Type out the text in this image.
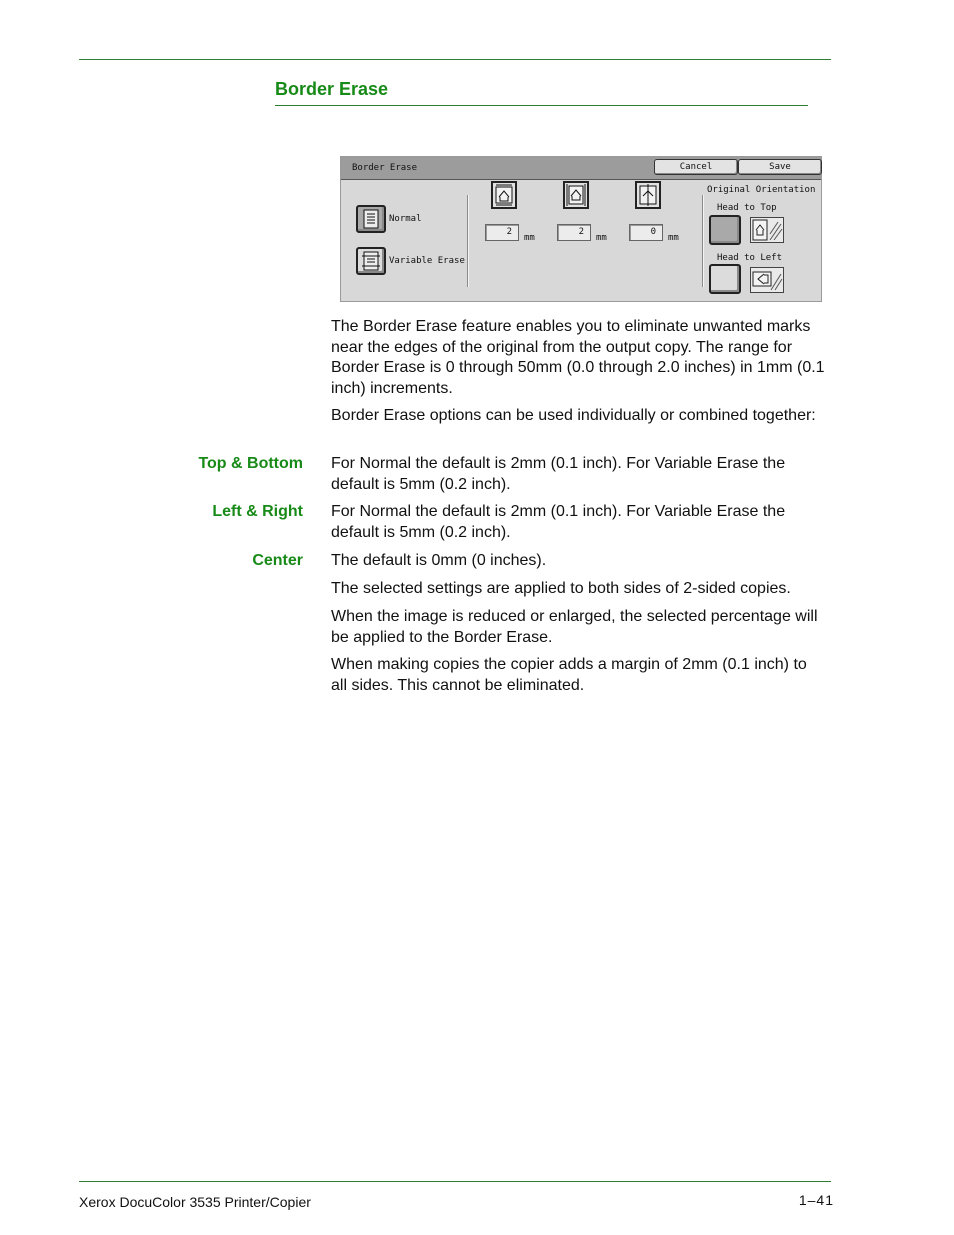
Border Erase
Border Erase	Cancel	Save
Normal
Variable Erase
2
mm
2
mm
0
mm
Original Orientation
Head to Top
Head to Left

The Border Erase feature enables you to eliminate unwanted marks near the edges of the original from the output copy. The range for Border Erase is 0 through 50mm (0.0 through 2.0 inches) in 1mm (0.1 inch) increments.

Border Erase options can be used individually or combined together:

Top & Bottom For Normal the default is 2mm (0.1 inch). For Variable Erase the default is 5mm (0.2 inch).

Left & Right For Normal the default is 2mm (0.1 inch). For Variable Erase the default is 5mm (0.2 inch).

Center The default is 0mm (0 inches).

The selected settings are applied to both sides of 2-sided copies.

When the image is reduced or enlarged, the selected percentage will be applied to the Border Erase.

When making copies the copier adds a margin of 2mm (0.1 inch) to all sides. This cannot be eliminated.

Xerox DocuColor 3535 Printer/Copier	1–41
